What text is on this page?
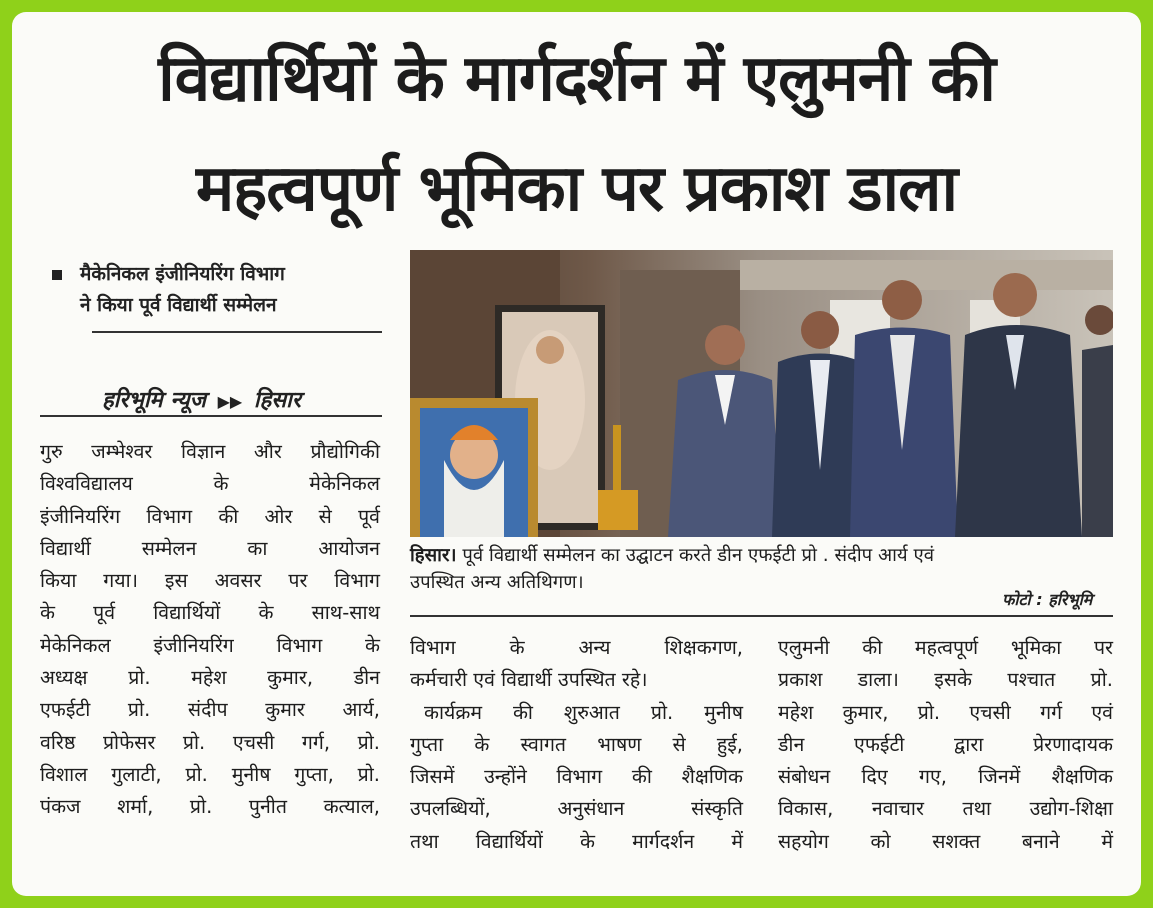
विद्यार्थियों के मार्गदर्शन में एलुमनी की
महत्वपूर्ण भूमिका पर प्रकाश डाला
मैकेनिकल इंजीनियरिंग विभाग
ने किया पूर्व विद्यार्थी सम्मेलन
हरिभूमि न्यूज ▶▶ हिसार
गुरु जम्भेश्वर विज्ञान और प्रौद्योगिकी
विश्वविद्यालय के मेकेनिकल
इंजीनियरिंग विभाग की ओर से पूर्व
विद्यार्थी सम्मेलन का आयोजन
किया गया। इस अवसर पर विभाग
के पूर्व विद्यार्थियों के साथ-साथ
मेकेनिकल इंजीनियरिंग विभाग के
अध्यक्ष प्रो. महेश कुमार, डीन
एफईटी प्रो. संदीप कुमार आर्य,
वरिष्ठ प्रोफेसर प्रो. एचसी गर्ग, प्रो.
विशाल गुलाटी, प्रो. मुनीष गुप्ता, प्रो.
पंकज शर्मा, प्रो. पुनीत कत्याल,
हिसार। पूर्व विद्यार्थी सम्मेलन का उद्घाटन करते डीन एफईटी प्रो . संदीप आर्य एवं
उपस्थित अन्य अतिथिगण।
फोटो : हरिभूमि
विभाग के अन्य शिक्षकगण,
कर्मचारी एवं विद्यार्थी उपस्थित रहे।
कार्यक्रम की शुरुआत प्रो. मुनीष
गुप्ता के स्वागत भाषण से हुई,
जिसमें उन्होंने विभाग की शैक्षणिक
उपलब्धियों, अनुसंधान संस्कृति
तथा विद्यार्थियों के मार्गदर्शन में
एलुमनी की महत्वपूर्ण भूमिका पर
प्रकाश डाला। इसके पश्चात प्रो.
महेश कुमार, प्रो. एचसी गर्ग एवं
डीन एफईटी द्वारा प्रेरणादायक
संबोधन दिए गए, जिनमें शैक्षणिक
विकास, नवाचार तथा उद्योग-शिक्षा
सहयोग को सशक्त बनाने में
